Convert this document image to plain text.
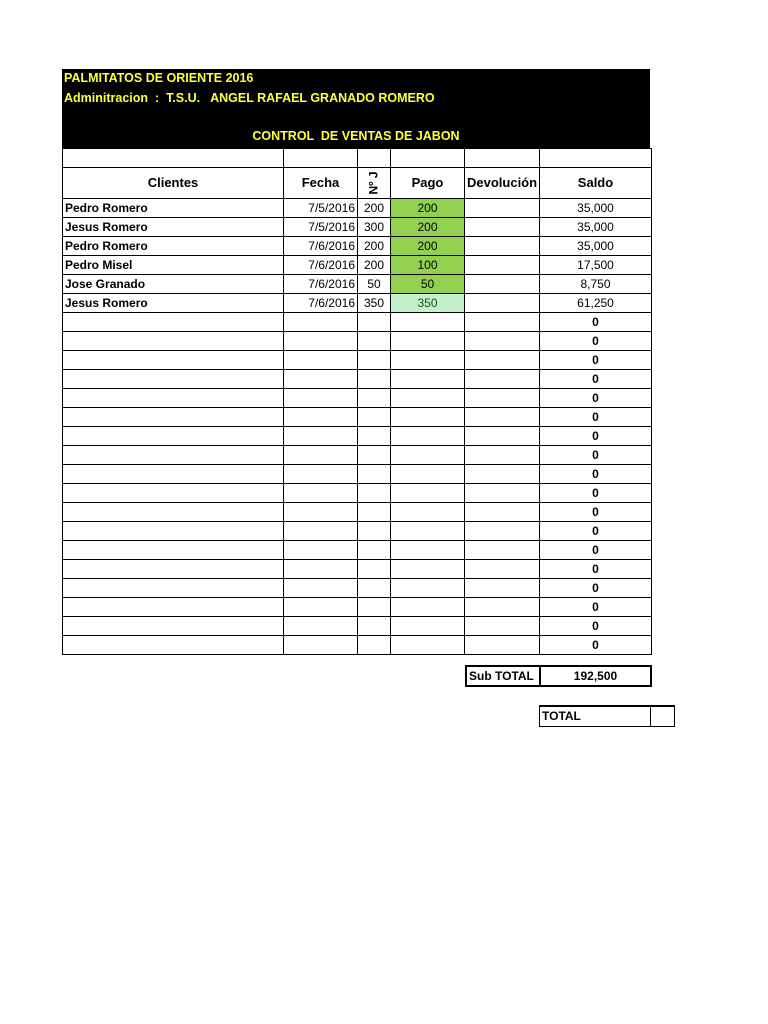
PALMITATOS DE ORIENTE 2016
Adminitracion  :  T.S.U.   ANGEL RAFAEL GRANADO ROMERO
CONTROL  DE VENTAS DE JABON

Clientes	Fecha	Nº J	Pago	Devolución	Saldo
Pedro Romero	7/5/2016	200	200		35,000
Jesus Romero	7/5/2016	300	200		35,000
Pedro Romero	7/6/2016	200	200		35,000
Pedro Misel	7/6/2016	200	100		17,500
Jose Granado	7/6/2016	50	50		8,750
Jesus Romero	7/6/2016	350	350		61,250
					0
					0
					0
					0
					0
					0
					0
					0
					0
					0
					0
					0
					0
					0
					0
					0
					0
					0
Sub TOTAL	192,500
TOTAL	
